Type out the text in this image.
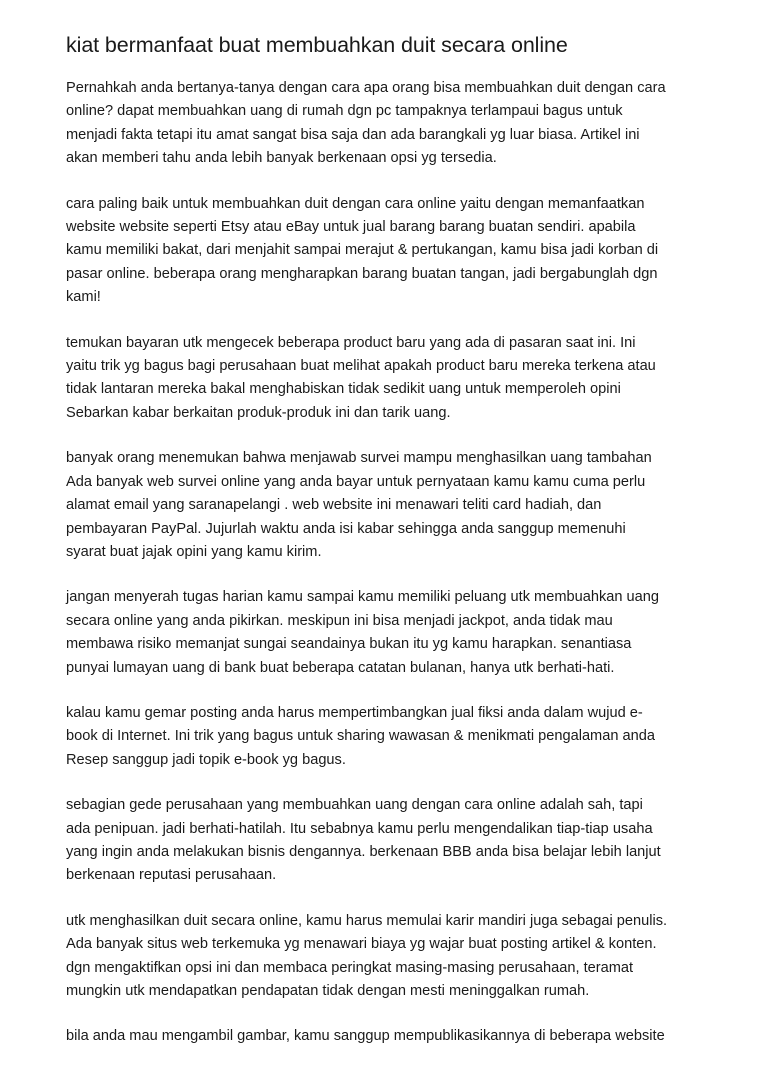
kiat bermanfaat buat membuahkan duit secara online

Pernahkah anda bertanya-tanya dengan cara apa orang bisa membuahkan duit dengan cara
online? dapat membuahkan uang di rumah dgn pc tampaknya terlampaui bagus untuk
menjadi fakta tetapi itu amat sangat bisa saja dan ada barangkali yg luar biasa. Artikel ini
akan memberi tahu anda lebih banyak berkenaan opsi yg tersedia.

cara paling baik untuk membuahkan duit dengan cara online yaitu dengan memanfaatkan
website website seperti Etsy atau eBay untuk jual barang barang buatan sendiri. apabila
kamu memiliki bakat, dari menjahit sampai merajut & pertukangan, kamu bisa jadi korban di
pasar online. beberapa orang mengharapkan barang buatan tangan, jadi bergabunglah dgn
kami!

temukan bayaran utk mengecek beberapa product baru yang ada di pasaran saat ini. Ini
yaitu trik yg bagus bagi perusahaan buat melihat apakah product baru mereka terkena atau
tidak lantaran mereka bakal menghabiskan tidak sedikit uang untuk memperoleh opini
Sebarkan kabar berkaitan produk-produk ini dan tarik uang.

banyak orang menemukan bahwa menjawab survei mampu menghasilkan uang tambahan
Ada banyak web survei online yang anda bayar untuk pernyataan kamu kamu cuma perlu
alamat email yang saranapelangi . web website ini menawari teliti card hadiah, dan
pembayaran PayPal. Jujurlah waktu anda isi kabar sehingga anda sanggup memenuhi
syarat buat jajak opini yang kamu kirim.

jangan menyerah tugas harian kamu sampai kamu memiliki peluang utk membuahkan uang
secara online yang anda pikirkan. meskipun ini bisa menjadi jackpot, anda tidak mau
membawa risiko memanjat sungai seandainya bukan itu yg kamu harapkan. senantiasa
punyai lumayan uang di bank buat beberapa catatan bulanan, hanya utk berhati-hati.

kalau kamu gemar posting anda harus mempertimbangkan jual fiksi anda dalam wujud e-
book di Internet. Ini trik yang bagus untuk sharing wawasan & menikmati pengalaman anda
Resep sanggup jadi topik e-book yg bagus.

sebagian gede perusahaan yang membuahkan uang dengan cara online adalah sah, tapi
ada penipuan. jadi berhati-hatilah. Itu sebabnya kamu perlu mengendalikan tiap-tiap usaha
yang ingin anda melakukan bisnis dengannya. berkenaan BBB anda bisa belajar lebih lanjut
berkenaan reputasi perusahaan.

utk menghasilkan duit secara online, kamu harus memulai karir mandiri juga sebagai penulis.
Ada banyak situs web terkemuka yg menawari biaya yg wajar buat posting artikel & konten.
dgn mengaktifkan opsi ini dan membaca peringkat masing-masing perusahaan, teramat
mungkin utk mendapatkan pendapatan tidak dengan mesti meninggalkan rumah.

bila anda mau mengambil gambar, kamu sanggup mempublikasikannya di beberapa website
